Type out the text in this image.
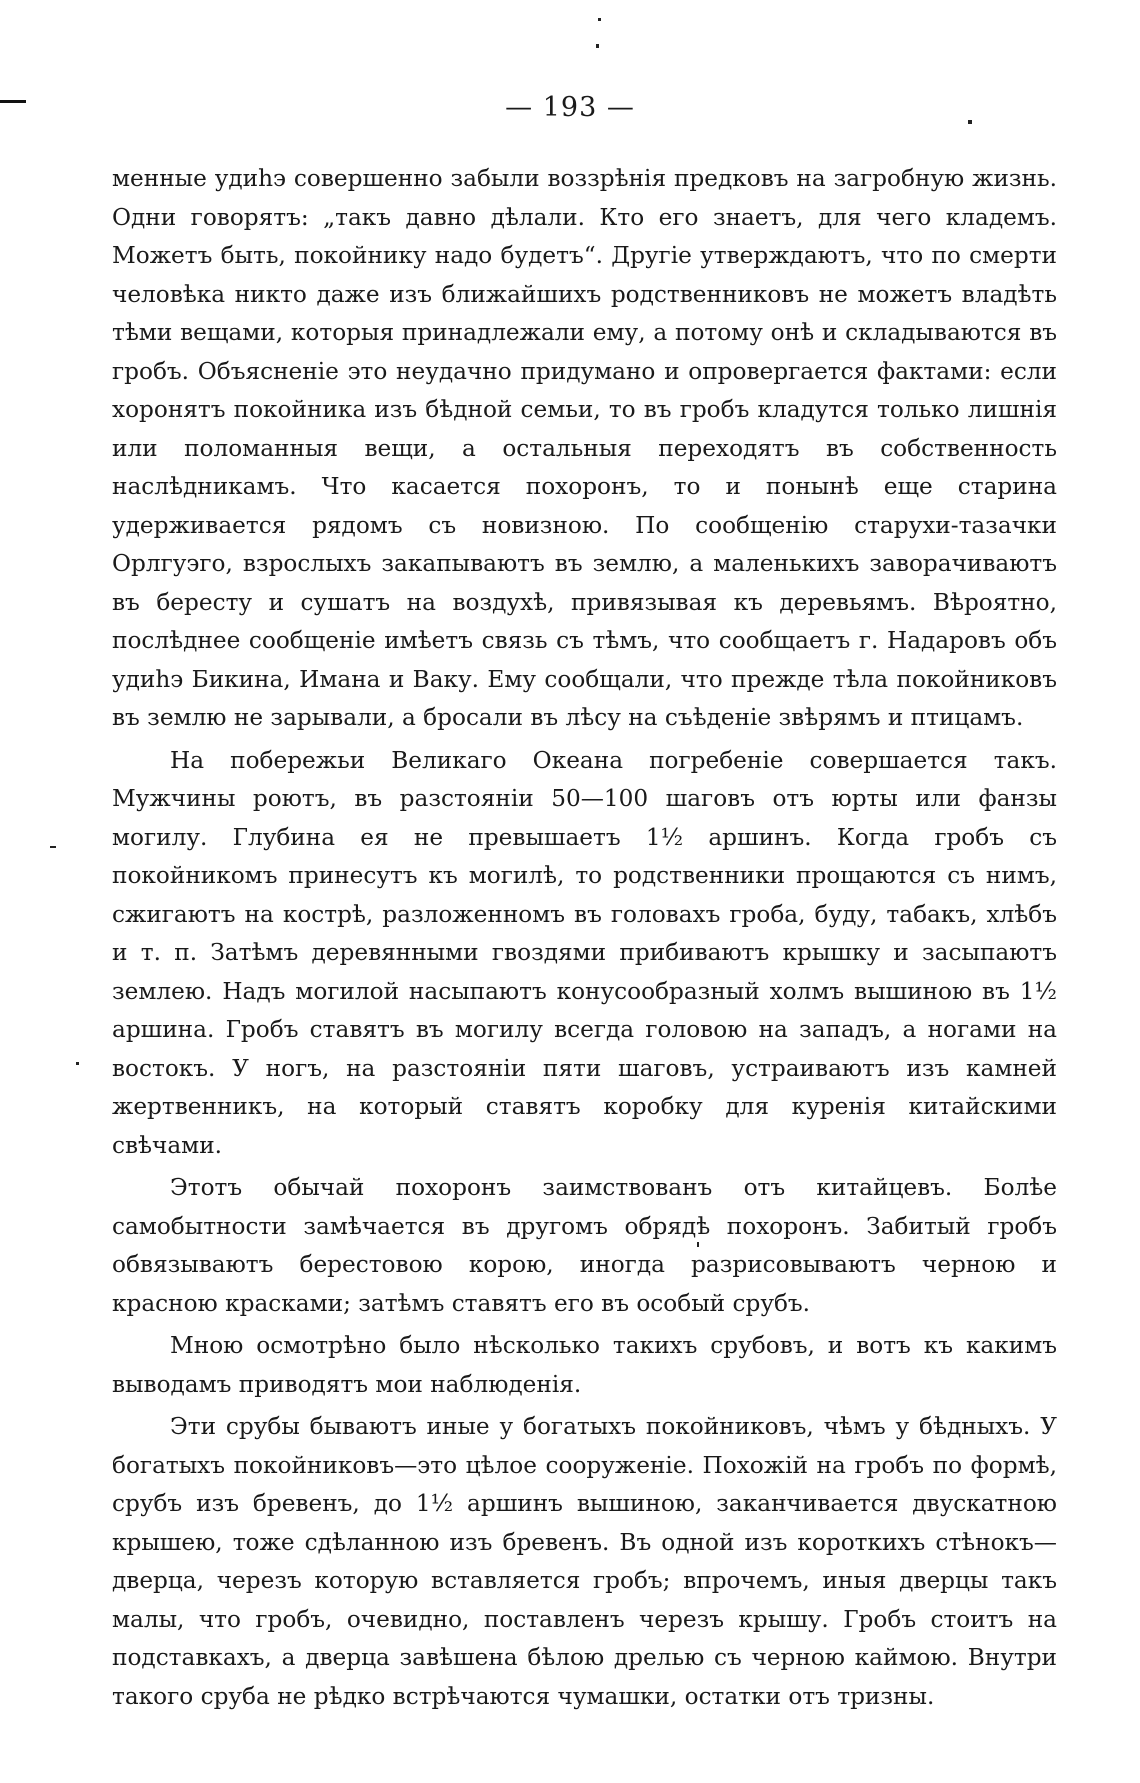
— 193 —

менные удиһэ совершенно забыли воззрѣнія предковъ на загробную жизнь. Одни говорятъ: „такъ давно дѣлали. Кто его знаетъ, для чего кладемъ. Можетъ быть, покойнику надо будетъ“. Другіе утверждаютъ, что по смерти человѣка никто даже изъ ближайшихъ родственниковъ не можетъ владѣть тѣми вещами, которыя принадлежали ему, а потому онѣ и складываются въ гробъ. Объясненіе это неудачно придумано и опровергается фактами: если хоронятъ покойника изъ бѣдной семьи, то въ гробъ кладутся только лишнія или поломанныя вещи, а остальныя переходятъ въ собственность наслѣдникамъ. Что касается похоронъ, то и понынѣ еще старина удерживается рядомъ съ новизною. По сообщенію старухи-тазачки Орлгуэго, взрослыхъ закапываютъ въ землю, а маленькихъ заворачиваютъ въ бересту и сушатъ на воздухѣ, привязывая къ деревьямъ. Вѣроятно, послѣднее сообщеніе имѣетъ связь съ тѣмъ, что сообщаетъ г. Надаровъ объ удиһэ Бикина, Имана и Ваку. Ему сообщали, что прежде тѣла покойниковъ въ землю не зарывали, а бросали въ лѣсу на съѣденіе звѣрямъ и птицамъ.

На побережьи Великаго Океана погребеніе совершается такъ. Мужчины роютъ, въ разстояніи 50—100 шаговъ отъ юрты или фанзы могилу. Глубина ея не превышаетъ 1½ аршинъ. Когда гробъ съ покойникомъ принесутъ къ могилѣ, то родственники прощаются съ нимъ, сжигаютъ на кострѣ, разложенномъ въ головахъ гроба, буду, табакъ, хлѣбъ и т. п. Затѣмъ деревянными гвоздями прибиваютъ крышку и засыпаютъ землею. Надъ могилой насыпаютъ конусообразный холмъ вышиною въ 1½ аршина. Гробъ ставятъ въ могилу всегда головою на западъ, а ногами на востокъ. У ногъ, на разстояніи пяти шаговъ, устраиваютъ изъ камней жертвенникъ, на который ставятъ коробку для куренія китайскими свѣчами.

Этотъ обычай похоронъ заимствованъ отъ китайцевъ. Болѣе самобытности замѣчается въ другомъ обрядѣ похоронъ. Забитый гробъ обвязываютъ берестовою корою, иногда разрисовываютъ черною и красною красками; затѣмъ ставятъ его въ особый срубъ.

Мною осмотрѣно было нѣсколько такихъ срубовъ, и вотъ къ какимъ выводамъ приводятъ мои наблюденія.

Эти срубы бываютъ иные у богатыхъ покойниковъ, чѣмъ у бѣдныхъ. У богатыхъ покойниковъ—это цѣлое сооруженіе. Похожій на гробъ по формѣ, срубъ изъ бревенъ, до 1½ аршинъ вышиною, заканчивается двускатною крышею, тоже сдѣланною изъ бревенъ. Въ одной изъ короткихъ стѣнокъ—дверца, черезъ которую вставляется гробъ; впрочемъ, иныя дверцы такъ малы, что гробъ, очевидно, поставленъ черезъ крышу. Гробъ стоитъ на подставкахъ, а дверца завѣшена бѣлою дрелью съ черною каймою. Внутри такого сруба не рѣдко встрѣчаются чумашки, остатки отъ тризны.
